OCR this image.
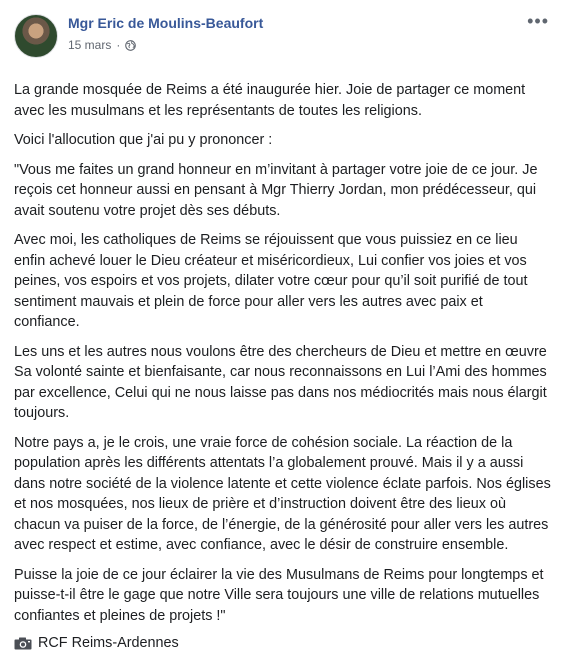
Mgr Eric de Moulins-Beaufort
15 mars ·
•••

La grande mosquée de Reims a été inaugurée hier. Joie de partager ce moment avec les musulmans et les représentants de toutes les religions.

Voici l'allocution que j'ai pu y prononcer :

"Vous me faites un grand honneur en m’invitant à partager votre joie de ce jour. Je reçois cet honneur aussi en pensant à Mgr Thierry Jordan, mon prédécesseur, qui avait soutenu votre projet dès ses débuts.

Avec moi, les catholiques de Reims se réjouissent que vous puissiez en ce lieu enfin achevé louer le Dieu créateur et miséricordieux, Lui confier vos joies et vos peines, vos espoirs et vos projets, dilater votre cœur pour qu’il soit purifié de tout sentiment mauvais et plein de force pour aller vers les autres avec paix et confiance.

Les uns et les autres nous voulons être des chercheurs de Dieu et mettre en œuvre Sa volonté sainte et bienfaisante, car nous reconnaissons en Lui l’Ami des hommes par excellence, Celui qui ne nous laisse pas dans nos médiocrités mais nous élargit toujours.

Notre pays a, je le crois, une vraie force de cohésion sociale. La réaction de la population après les différents attentats l’a globalement prouvé. Mais il y a aussi dans notre société de la violence latente et cette violence éclate parfois. Nos églises et nos mosquées, nos lieux de prière et d’instruction doivent être des lieux où chacun va puiser de la force, de l’énergie, de la générosité pour aller vers les autres avec respect et estime, avec confiance, avec le désir de construire ensemble.

Puisse la joie de ce jour éclairer la vie des Musulmans de Reims pour longtemps et puisse-t-il être le gage que notre Ville sera toujours une ville de relations mutuelles confiantes et pleines de projets !"

RCF Reims-Ardennes
